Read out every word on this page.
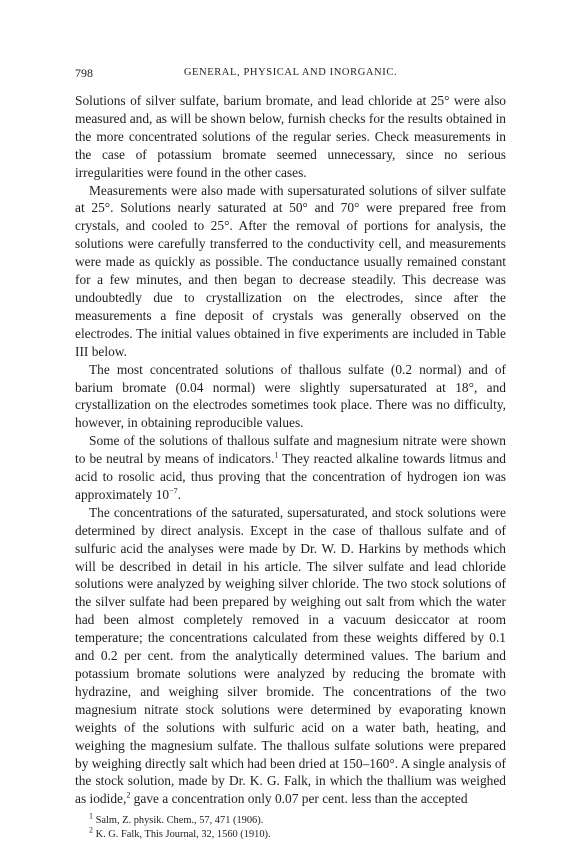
798	GENERAL, PHYSICAL AND INORGANIC.

Solutions of silver sulfate, barium bromate, and lead chloride at 25° were also measured and, as will be shown below, furnish checks for the results obtained in the more concentrated solutions of the regular series. Check measurements in the case of potassium bromate seemed unnecessary, since no serious irregularities were found in the other cases.

Measurements were also made with supersaturated solutions of silver sulfate at 25°. Solutions nearly saturated at 50° and 70° were prepared free from crystals, and cooled to 25°. After the removal of portions for analysis, the solutions were carefully transferred to the conductivity cell, and measurements were made as quickly as possible. The conductance usually remained constant for a few minutes, and then began to decrease steadily. This decrease was undoubtedly due to crystallization on the electrodes, since after the measurements a fine deposit of crystals was generally observed on the electrodes. The initial values obtained in five experiments are included in Table III below.

The most concentrated solutions of thallous sulfate (0.2 normal) and of barium bromate (0.04 normal) were slightly supersaturated at 18°, and crystallization on the electrodes sometimes took place. There was no difficulty, however, in obtaining reproducible values.

Some of the solutions of thallous sulfate and magnesium nitrate were shown to be neutral by means of indicators.$^1$ They reacted alkaline towards litmus and acid to rosolic acid, thus proving that the concentration of hydrogen ion was approximately $10^{-7}$.

The concentrations of the saturated, supersaturated, and stock solutions were determined by direct analysis. Except in the case of thallous sulfate and of sulfuric acid the analyses were made by Dr. W. D. Harkins by methods which will be described in detail in his article. The silver sulfate and lead chloride solutions were analyzed by weighing silver chloride. The two stock solutions of the silver sulfate had been prepared by weighing out salt from which the water had been almost completely removed in a vacuum desiccator at room temperature; the concentrations calculated from these weights differed by 0.1 and 0.2 per cent. from the analytically determined values. The barium and potassium bromate solutions were analyzed by reducing the bromate with hydrazine, and weighing silver bromide. The concentrations of the two magnesium nitrate stock solutions were determined by evaporating known weights of the solutions with sulfuric acid on a water bath, heating, and weighing the magnesium sulfate. The thallous sulfate solutions were prepared by weighing directly salt which had been dried at 150–160°. A single analysis of the stock solution, made by Dr. K. G. Falk, in which the thallium was weighed as iodide,$^2$ gave a concentration only 0.07 per cent. less than the accepted

$^1$ Salm, Z. physik. Chem., 57, 471 (1906).

$^2$ K. G. Falk, This Journal, 32, 1560 (1910).
